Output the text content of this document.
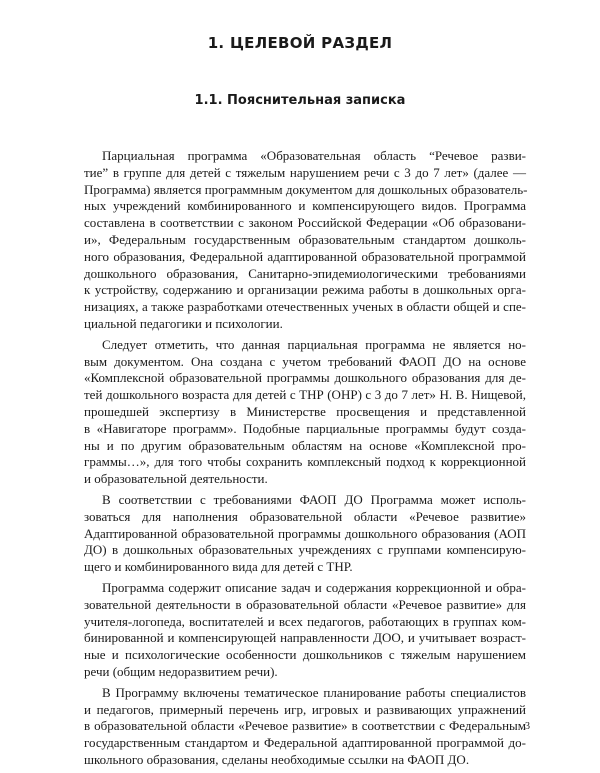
1. ЦЕЛЕВОЙ РАЗДЕЛ
1.1. Пояснительная записка
Парциальная программа «Образовательная область “Речевое разви-
тие” в группе для детей с тяжелым нарушением речи с 3 до 7 лет» (далее —
Программа) является программным документом для дошкольных образователь-
ных учреждений комбинированного и компенсирующего видов. Программа
составлена в соответствии с законом Российской Федерации «Об образовани-
и», Федеральным государственным образовательным стандартом дошколь-
ного образования, Федеральной адаптированной образовательной программой
дошкольного образования, Санитарно-эпидемиологическими требованиями
к устройству, содержанию и организации режима работы в дошкольных орга-
низациях, а также разработками отечественных ученых в области общей и спе-
циальной педагогики и психологии.
Следует отметить, что данная парциальная программа не является но-
вым документом. Она создана с учетом требований ФАОП ДО на основе
«Комплексной образовательной программы дошкольного образования для де-
тей дошкольного возраста для детей с ТНР (ОНР) с 3 до 7 лет» Н. В. Нищевой,
прошедшей экспертизу в Министерстве просвещения и представленной
в «Навигаторе программ». Подобные парциальные программы будут созда-
ны и по другим образовательным областям на основе «Комплексной про-
граммы…», для того чтобы сохранить комплексный подход к коррекционной
и образовательной деятельности.
В соответствии с требованиями ФАОП ДО Программа может исполь-
зоваться для наполнения образовательной области «Речевое развитие»
Адаптированной образовательной программы дошкольного образования (АОП
ДО) в дошкольных образовательных учреждениях с группами компенсирую-
щего и комбинированного вида для детей с ТНР.
Программа содержит описание задач и содержания коррекционной и обра-
зовательной деятельности в образовательной области «Речевое развитие» для
учителя-логопеда, воспитателей и всех педагогов, работающих в группах ком-
бинированной и компенсирующей направленности ДОО, и учитывает возраст-
ные и психологические особенности дошкольников с тяжелым нарушением
речи (общим недоразвитием речи).
В Программу включены тематическое планирование работы специалистов
и педагогов, примерный перечень игр, игровых и развивающих упражнений
в образовательной области «Речевое развитие» в соответствии с Федеральным
государственным стандартом и Федеральной адаптированной программой до-
школьного образования, сделаны необходимые ссылки на ФАОП ДО.
3
